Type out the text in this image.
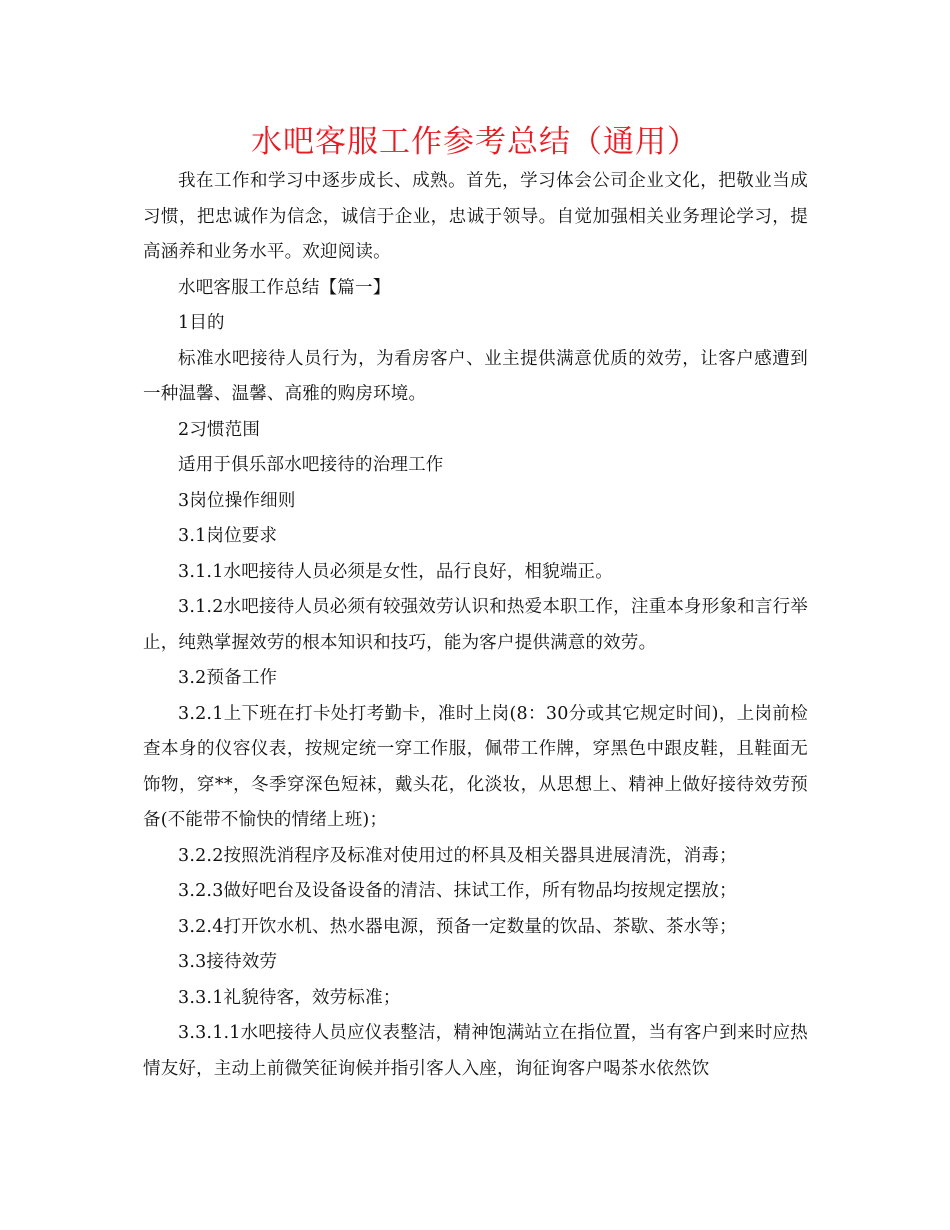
水吧客服工作参考总结（通用）

我在工作和学习中逐步成长、成熟。首先，学习体会公司企业文化，把敬业当成习惯，把忠诚作为信念，诚信于企业，忠诚于领导。自觉加强相关业务理论学习，提高涵养和业务水平。欢迎阅读。

水吧客服工作总结【篇一】

1目的

标准水吧接待人员行为，为看房客户、业主提供满意优质的效劳，让客户感遭到一种温馨、温馨、高雅的购房环境。

2习惯范围

适用于俱乐部水吧接待的治理工作

3岗位操作细则

3.1岗位要求

3.1.1水吧接待人员必须是女性，品行良好，相貌端正。

3.1.2水吧接待人员必须有较强效劳认识和热爱本职工作，注重本身形象和言行举止，纯熟掌握效劳的根本知识和技巧，能为客户提供满意的效劳。

3.2预备工作

3.2.1上下班在打卡处打考勤卡，准时上岗(8：30分或其它规定时间)，上岗前检查本身的仪容仪表，按规定统一穿工作服，佩带工作牌，穿黑色中跟皮鞋，且鞋面无饰物，穿**，冬季穿深色短袜，戴头花，化淡妆，从思想上、精神上做好接待效劳预备(不能带不愉快的情绪上班)；

3.2.2按照洗消程序及标准对使用过的杯具及相关器具进展清洗，消毒；

3.2.3做好吧台及设备设备的清洁、抹试工作，所有物品均按规定摆放；

3.2.4打开饮水机、热水器电源，预备一定数量的饮品、茶歇、茶水等；

3.3接待效劳

3.3.1礼貌待客，效劳标准；

3.3.1.1水吧接待人员应仪表整洁，精神饱满站立在指位置，当有客户到来时应热情友好，主动上前微笑征询候并指引客人入座，询征询客户喝茶水依然饮
